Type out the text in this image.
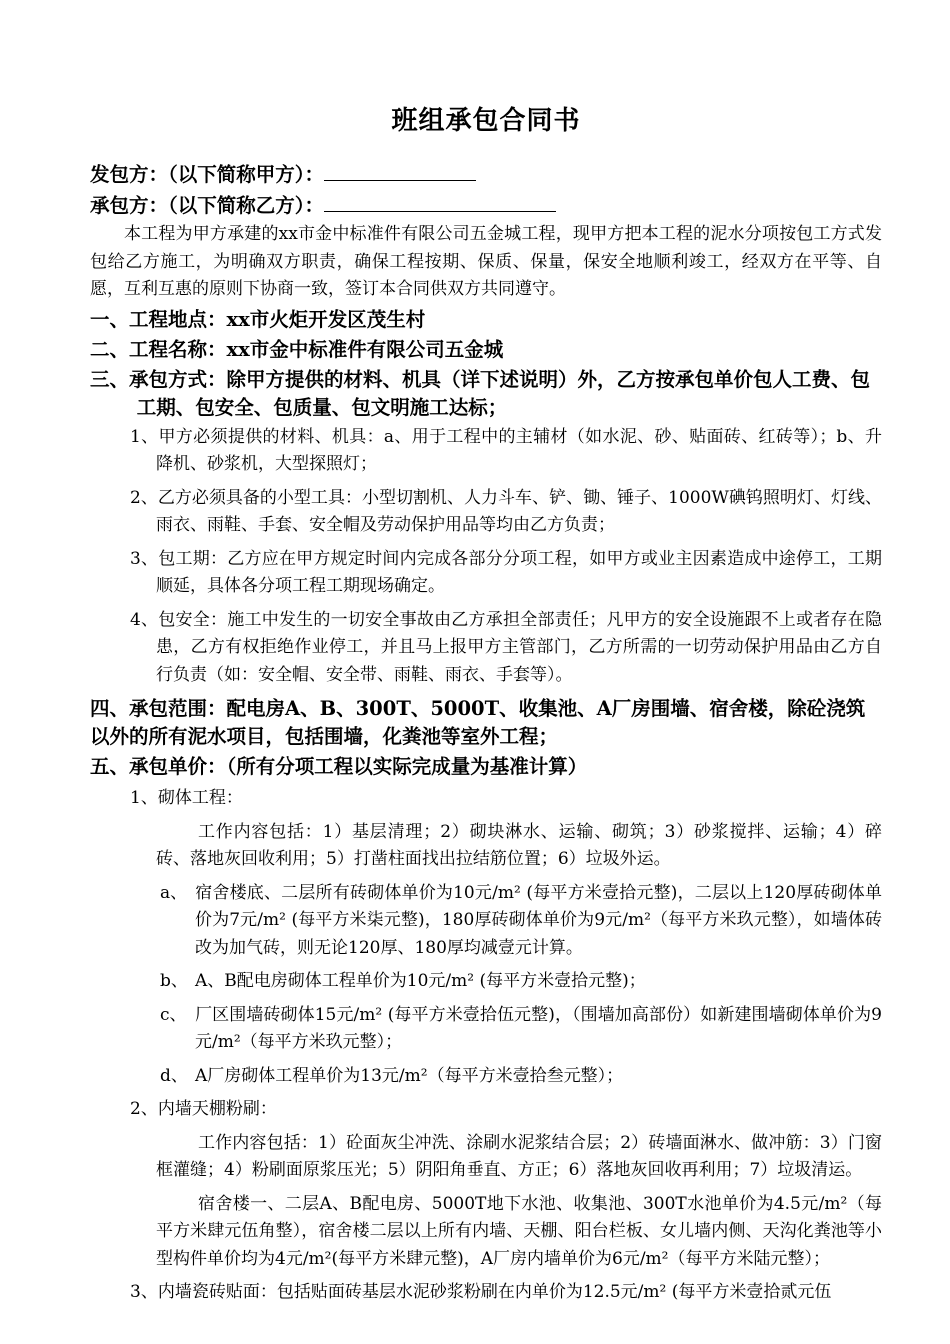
班组承包合同书
发包方：（以下简称甲方）：
承包方：（以下简称乙方）：

本工程为甲方承建的xx市金中标准件有限公司五金城工程，现甲方把本工程的泥水分项按包工方式发包给乙方施工，为明确双方职责，确保工程按期、保质、保量，保安全地顺利竣工，经双方在平等、自愿，互利互惠的原则下协商一致，签订本合同供双方共同遵守。

一、工程地点：xx市火炬开发区茂生村
二、工程名称：xx市金中标准件有限公司五金城
三、承包方式：除甲方提供的材料、机具（详下述说明）外，乙方按承包单价包人工费、包工期、包安全、包质量、包文明施工达标；
1、甲方必须提供的材料、机具：a、用于工程中的主辅材（如水泥、砂、贴面砖、红砖等）；b、升降机、砂浆机，大型探照灯；
2、乙方必须具备的小型工具：小型切割机、人力斗车、铲、锄、锤子、1000W碘钨照明灯、灯线、雨衣、雨鞋、手套、安全帽及劳动保护用品等均由乙方负责；
3、包工期：乙方应在甲方规定时间内完成各部分分项工程，如甲方或业主因素造成中途停工，工期顺延，具体各分项工程工期现场确定。
4、包安全：施工中发生的一切安全事故由乙方承担全部责任；凡甲方的安全设施跟不上或者存在隐患，乙方有权拒绝作业停工，并且马上报甲方主管部门，乙方所需的一切劳动保护用品由乙方自行负责（如：安全帽、安全带、雨鞋、雨衣、手套等）。
四、承包范围：配电房A、B、300T、5000T、收集池、A厂房围墙、宿舍楼，除砼浇筑以外的所有泥水项目，包括围墙，化粪池等室外工程；
五、承包单价：（所有分项工程以实际完成量为基准计算）
1、砌体工程：
工作内容包括：1）基层清理；2）砌块淋水、运输、砌筑；3）砂浆搅拌、运输；4）碎砖、落地灰回收利用；5）打凿柱面找出拉结筋位置；6）垃圾外运。
a、 宿舍楼底、二层所有砖砌体单价为10元/m² (每平方米壹拾元整)，二层以上120厚砖砌体单价为7元/m² (每平方米柒元整)，180厚砖砌体单价为9元/m²（每平方米玖元整），如墙体砖改为加气砖，则无论120厚、180厚均减壹元计算。
b、 A、B配电房砌体工程单价为10元/m² (每平方米壹拾元整)；
c、 厂区围墙砖砌体15元/m² (每平方米壹拾伍元整)，（围墙加高部份）如新建围墙砌体单价为9元/m²（每平方米玖元整）；
d、 A厂房砌体工程单价为13元/m²（每平方米壹拾叁元整）；
2、内墙天棚粉刷：
工作内容包括：1）砼面灰尘冲洗、涂刷水泥浆结合层；2）砖墙面淋水、做冲筋：3）门窗框灌缝；4）粉刷面原浆压光；5）阴阳角垂直、方正；6）落地灰回收再利用；7）垃圾清运。
宿舍楼一、二层A、B配电房、5000T地下水池、收集池、300T水池单价为4.5元/m²（每平方米肆元伍角整），宿舍楼二层以上所有内墙、天棚、阳台栏板、女儿墙内侧、天沟化粪池等小型构件单价均为4元/m²(每平方米肆元整)，A厂房内墙单价为6元/m²（每平方米陆元整）；
3、内墙瓷砖贴面：包括贴面砖基层水泥砂浆粉刷在内单价为12.5元/m² (每平方米壹拾贰元伍
